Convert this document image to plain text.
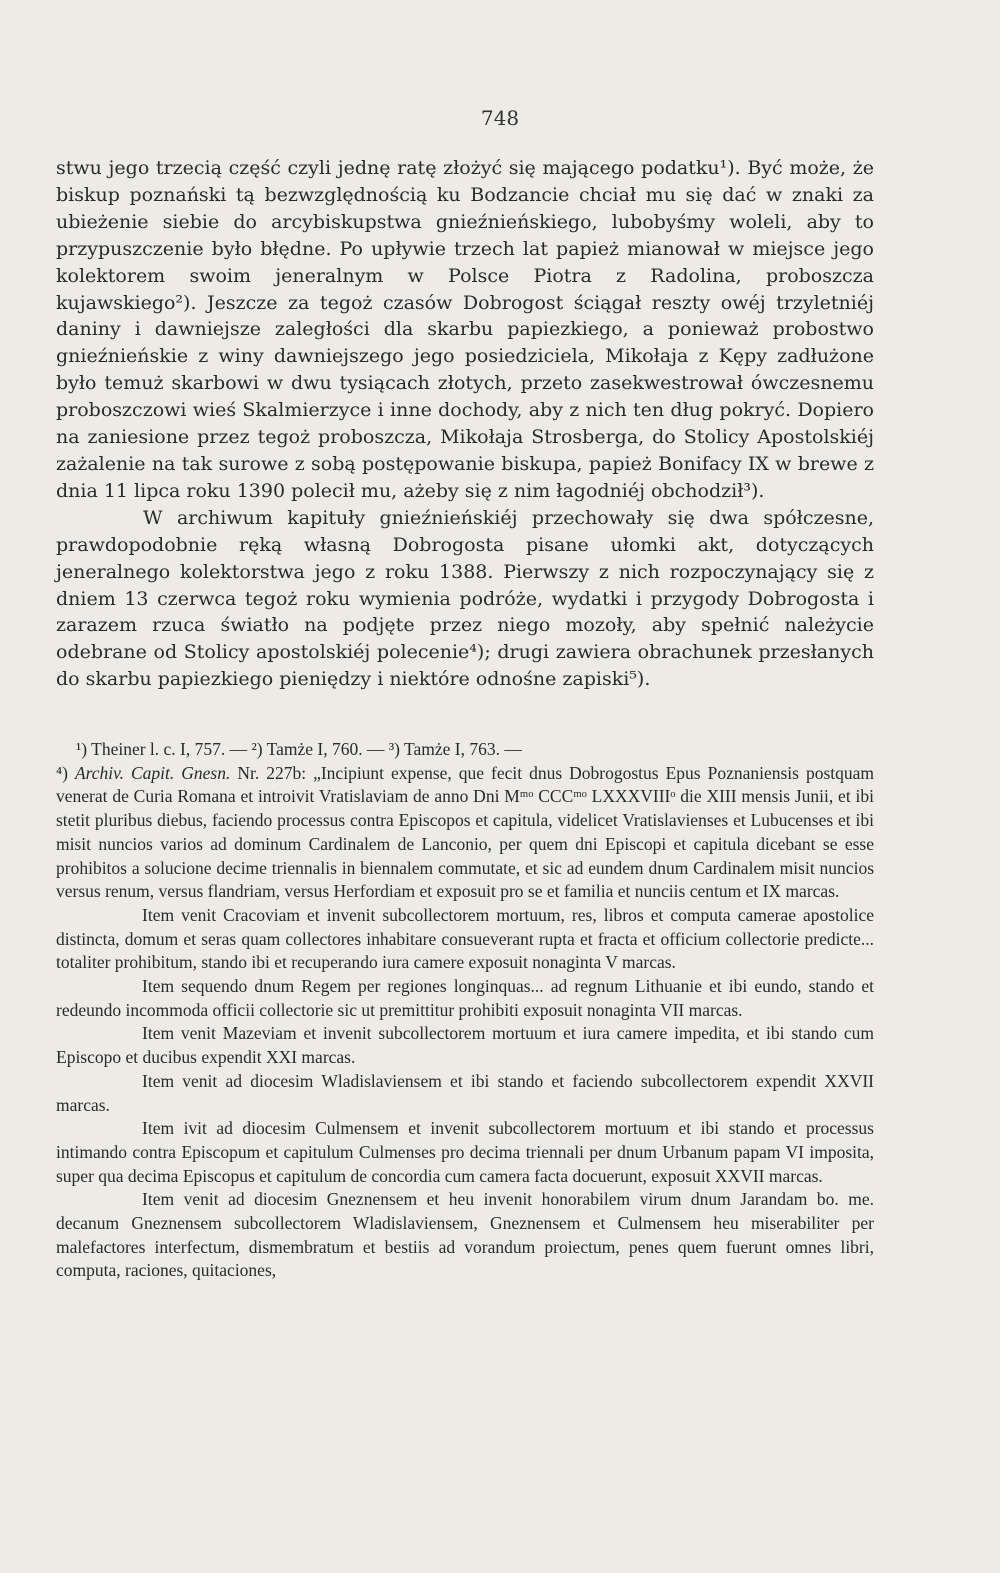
748

stwu jego trzecią część czyli jednę ratę złożyć się mającego podatku¹). Być może, że biskup poznański tą bezwzględnością ku Bodzancie chciał mu się dać w znaki za ubieżenie siebie do arcybiskupstwa gnieźnieńskiego, lubobyśmy woleli, aby to przypuszczenie było błędne. Po upływie trzech lat papież mianował w miejsce jego kolektorem swoim jeneralnym w Polsce Piotra z Radolina, proboszcza kujawskiego²). Jeszcze za tegoż czasów Dobrogost ściągał reszty owéj trzyletniéj daniny i dawniejsze zaległości dla skarbu papiezkiego, a ponieważ probostwo gnieźnieńskie z winy dawniejszego jego posiedziciela, Mikołaja z Kępy zadłużone było temuż skarbowi w dwu tysiącach złotych, przeto zasekwestrował ówczesnemu proboszczowi wieś Skalmierzyce i inne dochody, aby z nich ten dług pokryć. Dopiero na zaniesione przez tegoż proboszcza, Mikołaja Strosberga, do Stolicy Apostolskiéj zażalenie na tak surowe z sobą postępowanie biskupa, papież Bonifacy IX w brewe z dnia 11 lipca roku 1390 polecił mu, ażeby się z nim łagodniéj obchodził³).

W archiwum kapituły gnieźnieńskiéj przechowały się dwa spółczesne, prawdopodobnie ręką własną Dobrogosta pisane ułomki akt, dotyczących jeneralnego kolektorstwa jego z roku 1388. Pierwszy z nich rozpoczynający się z dniem 13 czerwca tegoż roku wymienia podróże, wydatki i przygody Dobrogosta i zarazem rzuca światło na podjęte przez niego mozoły, aby spełnić należycie odebrane od Stolicy apostolskiéj polecenie⁴); drugi zawiera obrachunek przesłanych do skarbu papiezkiego pieniędzy i niektóre odnośne zapiski⁵).

¹) Theiner l. c. I, 757. — ²) Tamże I, 760. — ³) Tamże I, 763. —

⁴) Archiv. Capit. Gnesn. Nr. 227b: „Incipiunt expense, que fecit dnus Dobrogostus Epus Poznaniensis postquam venerat de Curia Romana et introivit Vratislaviam de anno Dni Mᵐᵒ CCCᵐᵒ LXXXVIIIᵒ die XIII mensis Junii, et ibi stetit pluribus diebus, faciendo processus contra Episcopos et capitula, videlicet Vratislavienses et Lubucenses et ibi misit nuncios varios ad dominum Cardinalem de Lanconio, per quem dni Episcopi et capitula dicebant se esse prohibitos a solucione decime triennalis in biennalem commutate, et sic ad eundem dnum Cardinalem misit nuncios versus renum, versus flandriam, versus Herfordiam et exposuit pro se et familia et nunciis centum et IX marcas.

Item venit Cracoviam et invenit subcollectorem mortuum, res, libros et computa camerae apostolice distincta, domum et seras quam collectores inhabitare consueverant rupta et fracta et officium collectorie predicte... totaliter prohibitum, stando ibi et recuperando iura camere exposuit nonaginta V marcas.

Item sequendo dnum Regem per regiones longinquas... ad regnum Lithuanie et ibi eundo, stando et redeundo incommoda officii collectorie sic ut premittitur prohibiti exposuit nonaginta VII marcas.

Item venit Mazeviam et invenit subcollectorem mortuum et iura camere impedita, et ibi stando cum Episcopo et ducibus expendit XXI marcas.

Item venit ad diocesim Wladislaviensem et ibi stando et faciendo subcollectorem expendit XXVII marcas.

Item ivit ad diocesim Culmensem et invenit subcollectorem mortuum et ibi stando et processus intimando contra Episcopum et capitulum Culmenses pro decima triennali per dnum Urbanum papam VI imposita, super qua decima Episcopus et capitulum de concordia cum camera facta docuerunt, exposuit XXVII marcas.

Item venit ad diocesim Gneznensem et heu invenit honorabilem virum dnum Jarandam bo. me. decanum Gneznensem subcollectorem Wladislaviensem, Gneznensem et Culmensem heu miserabiliter per malefactores interfectum, dismembratum et bestiis ad vorandum proiectum, penes quem fuerunt omnes libri, computa, raciones, quitaciones,
